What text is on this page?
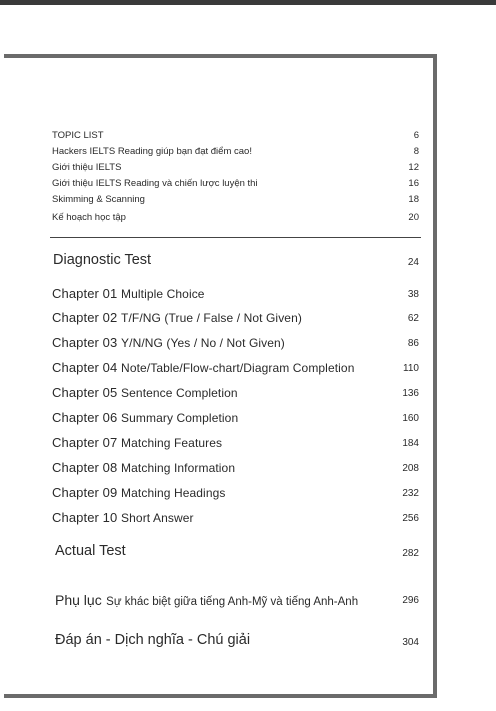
TOPIC LIST	6
Hackers IELTS Reading giúp bạn đạt điểm cao!	8
Giới thiệu IELTS	12
Giới thiệu IELTS Reading và chiến lược luyện thi	16
Skimming & Scanning	18
Kế hoạch học tập	20
Diagnostic Test	24
Chapter 01 Multiple Choice	38
Chapter 02 T/F/NG (True / False / Not Given)	62
Chapter 03 Y/N/NG (Yes / No / Not Given)	86
Chapter 04 Note/Table/Flow-chart/Diagram Completion	110
Chapter 05 Sentence Completion	136
Chapter 06 Summary Completion	160
Chapter 07 Matching Features	184
Chapter 08 Matching Information	208
Chapter 09 Matching Headings	232
Chapter 10 Short Answer	256
Actual Test	282
Phụ lục Sự khác biệt giữa tiếng Anh-Mỹ và tiếng Anh-Anh	296
Đáp án - Dịch nghĩa - Chú giải	304
